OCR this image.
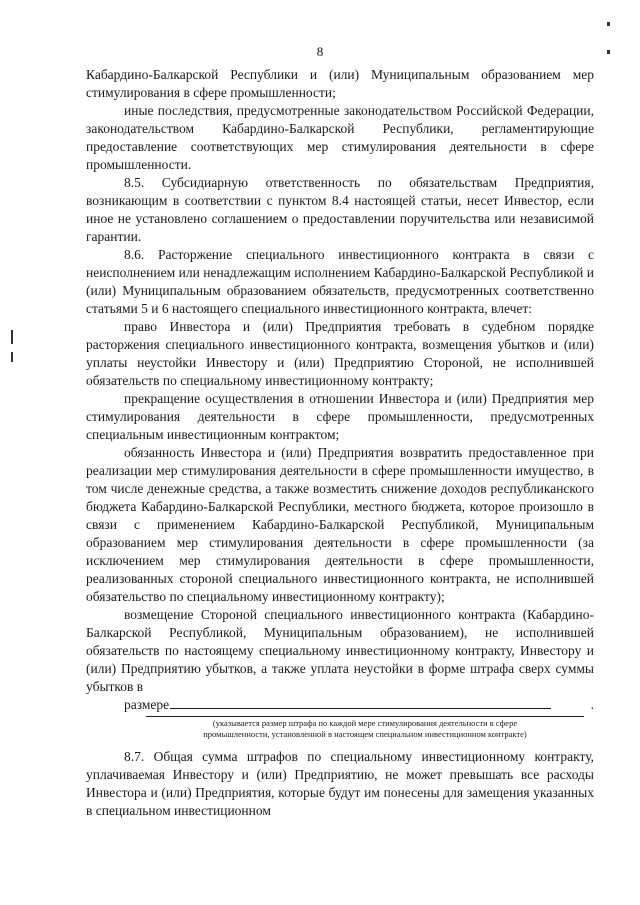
8

Кабардино-Балкарской Республики и (или) Муниципальным образованием мер стимулирования в сфере промышленности;

иные последствия, предусмотренные законодательством Российской Федерации, законодательством Кабардино-Балкарской Республики, регламентирующие предоставление соответствующих мер стимулирования деятельности в сфере промышленности.

8.5. Субсидиарную ответственность по обязательствам Предприятия, возникающим в соответствии с пунктом 8.4 настоящей статьи, несет Инвестор, если иное не установлено соглашением о предоставлении поручительства или независимой гарантии.

8.6. Расторжение специального инвестиционного контракта в связи с неисполнением или ненадлежащим исполнением Кабардино-Балкарской Республикой и (или) Муниципальным образованием обязательств, предусмотренных соответственно статьями 5 и 6 настоящего специального инвестиционного контракта, влечет:

право Инвестора и (или) Предприятия требовать в судебном порядке расторжения специального инвестиционного контракта, возмещения убытков и (или) уплаты неустойки Инвестору и (или) Предприятию Стороной, не исполнившей обязательств по специальному инвестиционному контракту;

прекращение осуществления в отношении Инвестора и (или) Предприятия мер стимулирования деятельности в сфере промышленности, предусмотренных специальным инвестиционным контрактом;

обязанность Инвестора и (или) Предприятия возвратить предоставленное при реализации мер стимулирования деятельности в сфере промышленности имущество, в том числе денежные средства, а также возместить снижение доходов республиканского бюджета Кабардино-Балкарской Республики, местного бюджета, которое произошло в связи с применением Кабардино-Балкарской Республикой, Муниципальным образованием мер стимулирования деятельности в сфере промышленности (за исключением мер стимулирования деятельности в сфере промышленности, реализованных стороной специального инвестиционного контракта, не исполнившей обязательство по специальному инвестиционному контракту);

возмещение Стороной специального инвестиционного контракта (Кабардино-Балкарской Республикой, Муниципальным образованием), не исполнившей обязательств по настоящему специальному инвестиционному контракту, Инвестору и (или) Предприятию убытков, а также уплата неустойки в форме штрафа сверх суммы убытков в

размере	.

(указывается размер штрафа по каждой мере стимулирования деятельности в сфере
промышленности, установленной в настоящем специальном инвестиционном контракте)

8.7. Общая сумма штрафов по специальному инвестиционному контракту, уплачиваемая Инвестору и (или) Предприятию, не может превышать все расходы Инвестора и (или) Предприятия, которые будут им понесены для замещения указанных в специальном инвестиционном
